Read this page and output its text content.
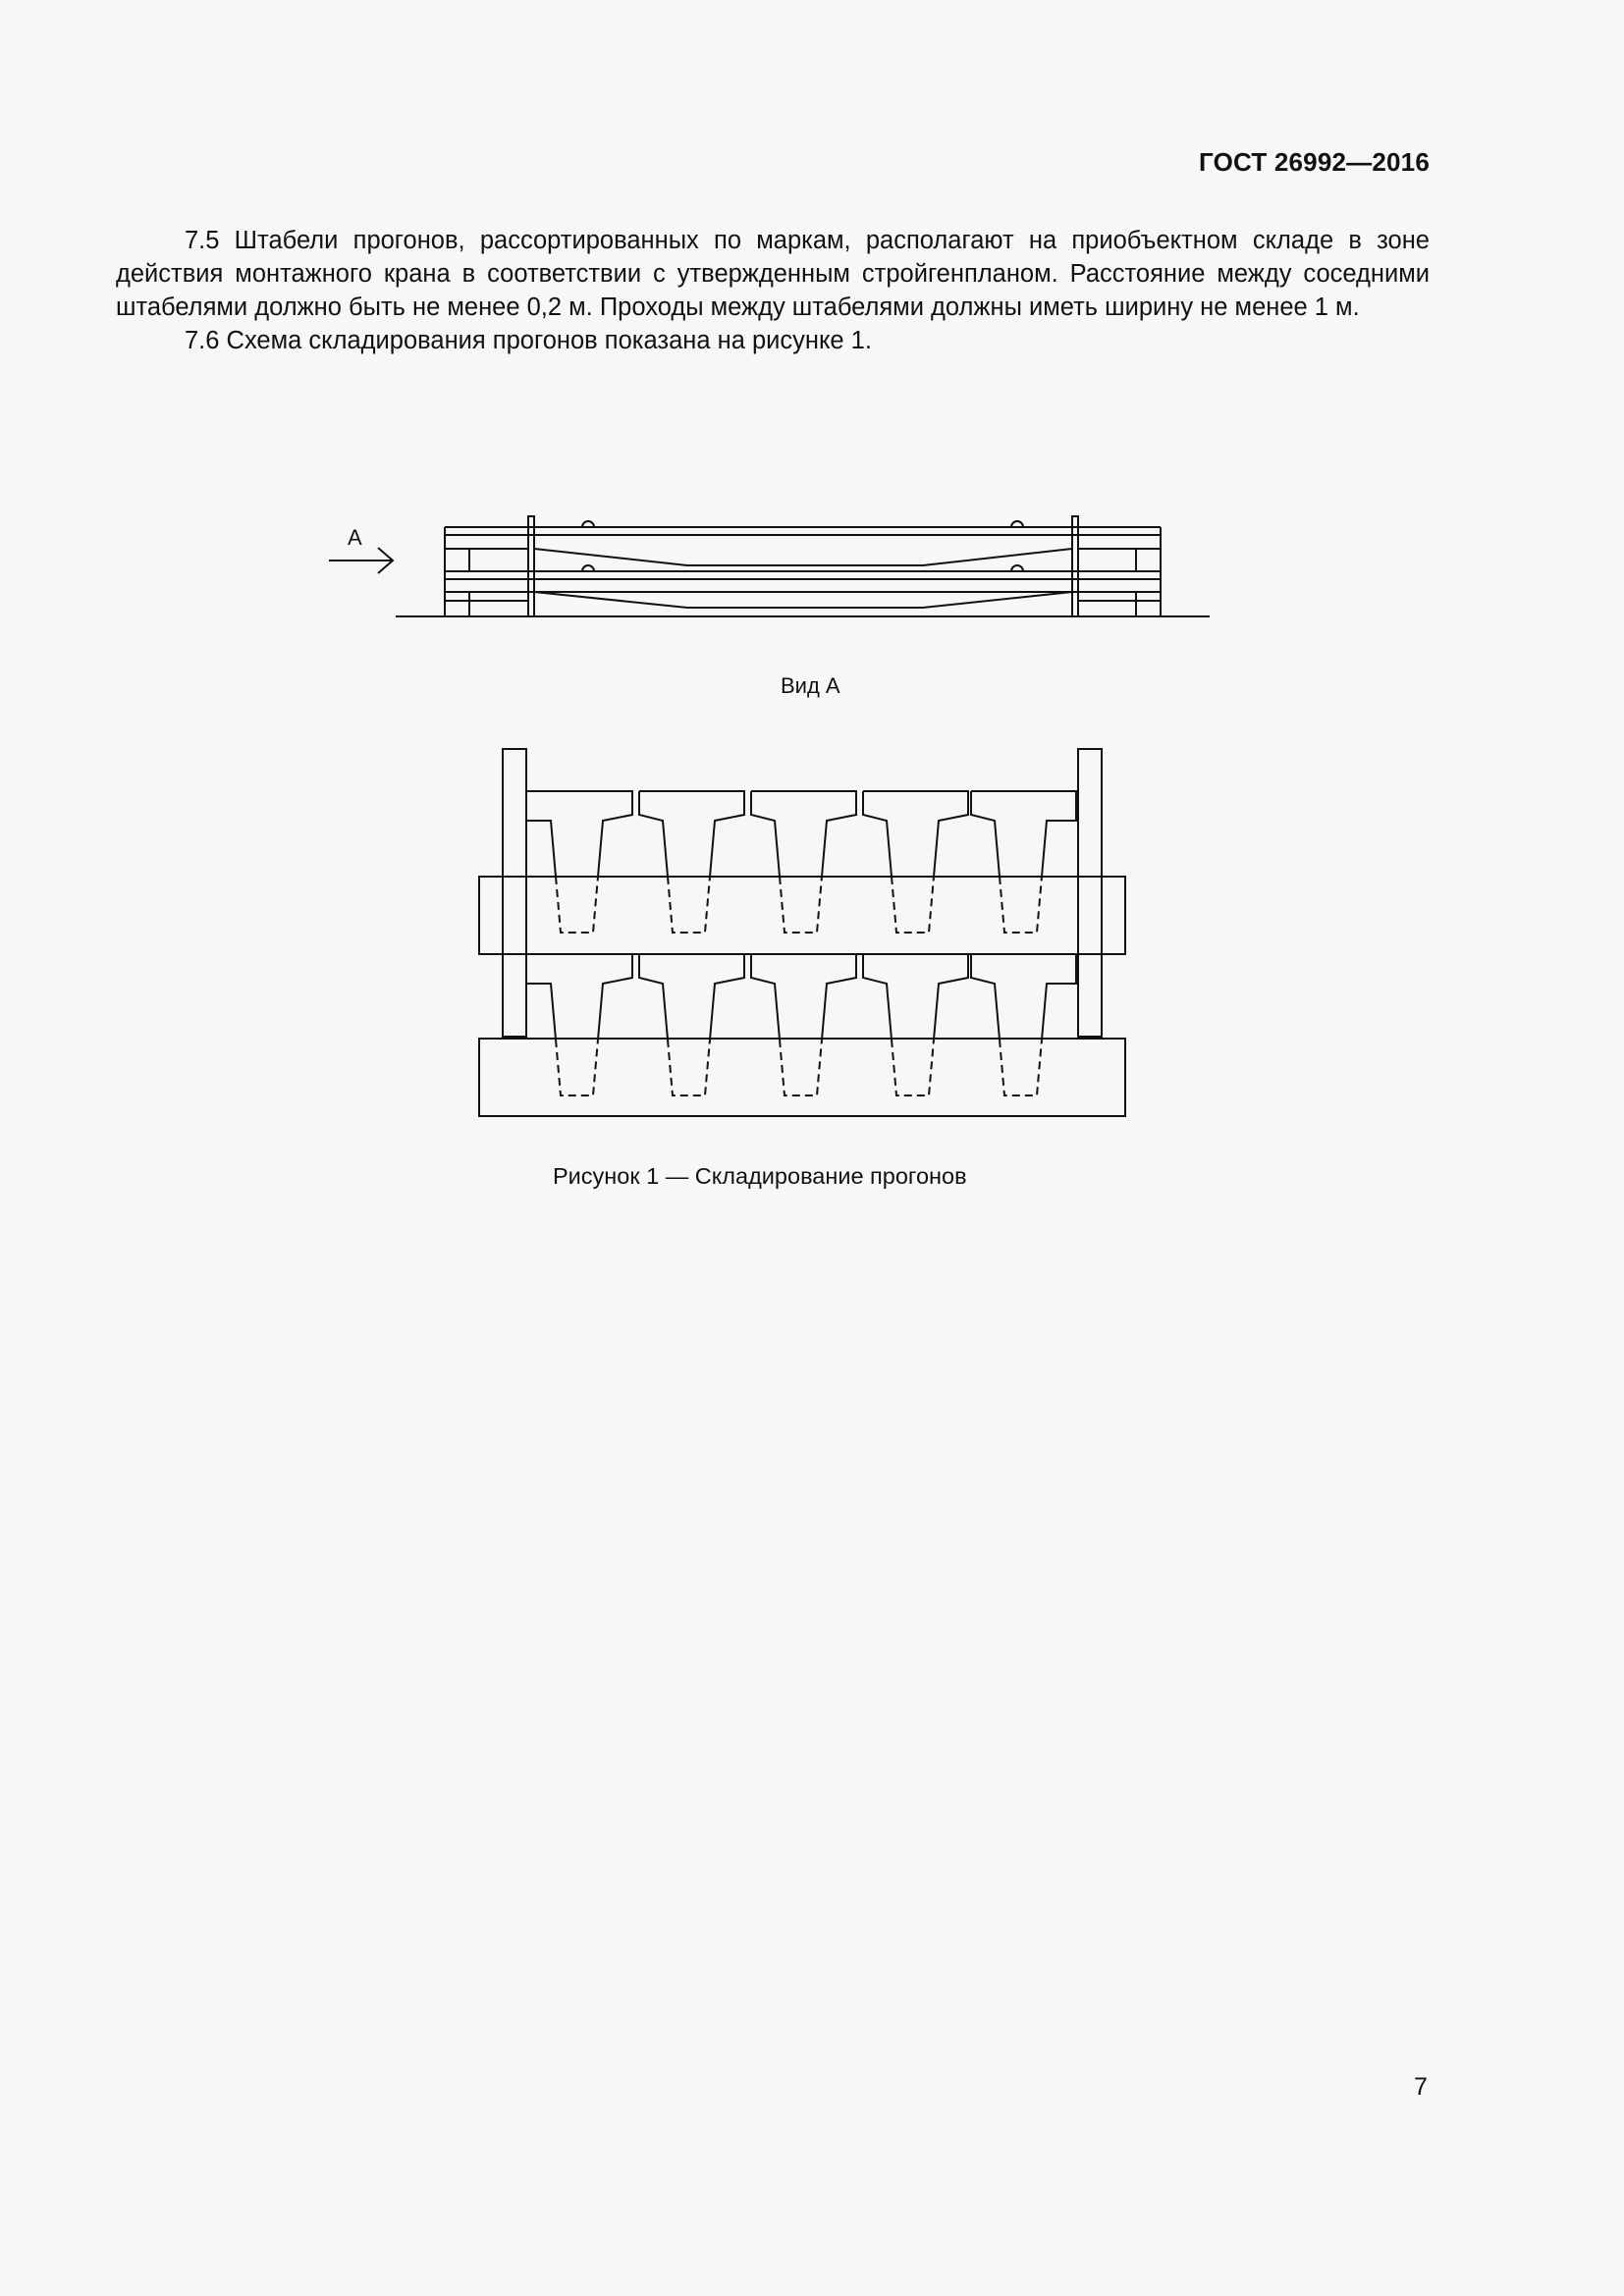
ГОСТ 26992—2016

7.5 Штабели прогонов, рассортированных по маркам, располагают на приобъектном складе в зоне действия монтажного крана в соответствии с утвержденным стройгенпланом. Расстояние между соседними штабелями должно быть не менее 0,2 м. Проходы между штабелями должны иметь ширину не менее 1 м.

7.6 Схема складирования прогонов показана на рисунке 1.

А
Вид А
Рисунок 1 — Складирование прогонов
7
